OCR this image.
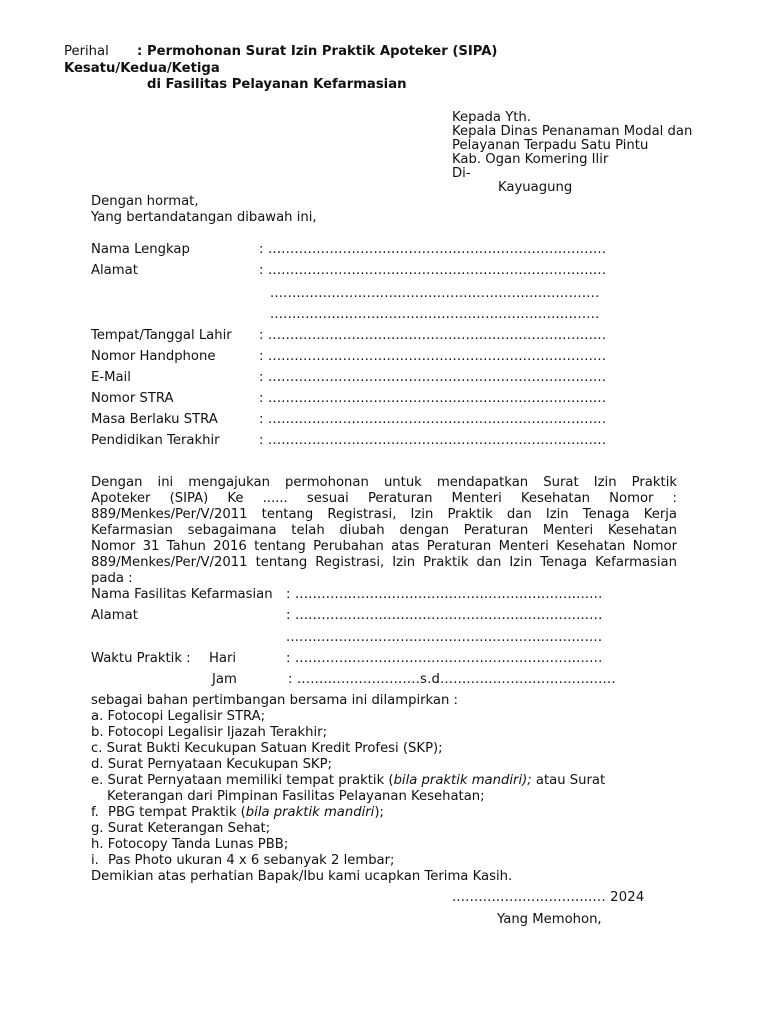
Perihal : Permohonan Surat Izin Praktik Apoteker (SIPA)
Kesatu/Kedua/Ketiga
di Fasilitas Pelayanan Kefarmasian
Kepada Yth.
Kepala Dinas Penanaman Modal dan
Pelayanan Terpadu Satu Pintu
Kab. Ogan Komering Ilir
Di-
Kayuagung
Dengan hormat,
Yang bertandatangan dibawah ini,
Nama Lengkap	: .............................................................................
Alamat	: .............................................................................
...........................................................................
...........................................................................
Tempat/Tanggal Lahir : .............................................................................
Nomor Handphone	: .............................................................................
E-Mail	: .............................................................................
Nomor STRA	: .............................................................................
Masa Berlaku STRA	: .............................................................................
Pendidikan Terakhir	: .............................................................................
Dengan ini mengajukan permohonan untuk mendapatkan Surat Izin Praktik
Apoteker (SIPA) Ke ...... sesuai Peraturan Menteri Kesehatan Nomor :
889/Menkes/Per/V/2011 tentang Registrasi, Izin Praktik dan Izin Tenaga Kerja
Kefarmasian sebagaimana telah diubah dengan Peraturan Menteri Kesehatan
Nomor 31 Tahun 2016 tentang Perubahan atas Peraturan Menteri Kesehatan Nomor
889/Menkes/Per/V/2011 tentang Registrasi, Izin Praktik dan Izin Tenaga Kefarmasian
pada :
Nama Fasilitas Kefarmasian : ......................................................................
Alamat	: ......................................................................
........................................................................
Waktu Praktik : Hari	: ......................................................................
Jam	: ............................s.d........................................
sebagai bahan pertimbangan bersama ini dilampirkan :
a. Fotocopi Legalisir STRA;
b. Fotocopi Legalisir Ijazah Terakhir;
c. Surat Bukti Kecukupan Satuan Kredit Profesi (SKP);
d. Surat Pernyataan Kecukupan SKP;
e. Surat Pernyataan memiliki tempat praktik (bila praktik mandiri); atau Surat
Keterangan dari Pimpinan Fasilitas Pelayanan Kesehatan;
f. PBG tempat Praktik (bila praktik mandiri);
g. Surat Keterangan Sehat;
h. Fotocopy Tanda Lunas PBB;
i. Pas Photo ukuran 4 x 6 sebanyak 2 lembar;
Demikian atas perhatian Bapak/Ibu kami ucapkan Terima Kasih.
................................... 2024
Yang Memohon,
